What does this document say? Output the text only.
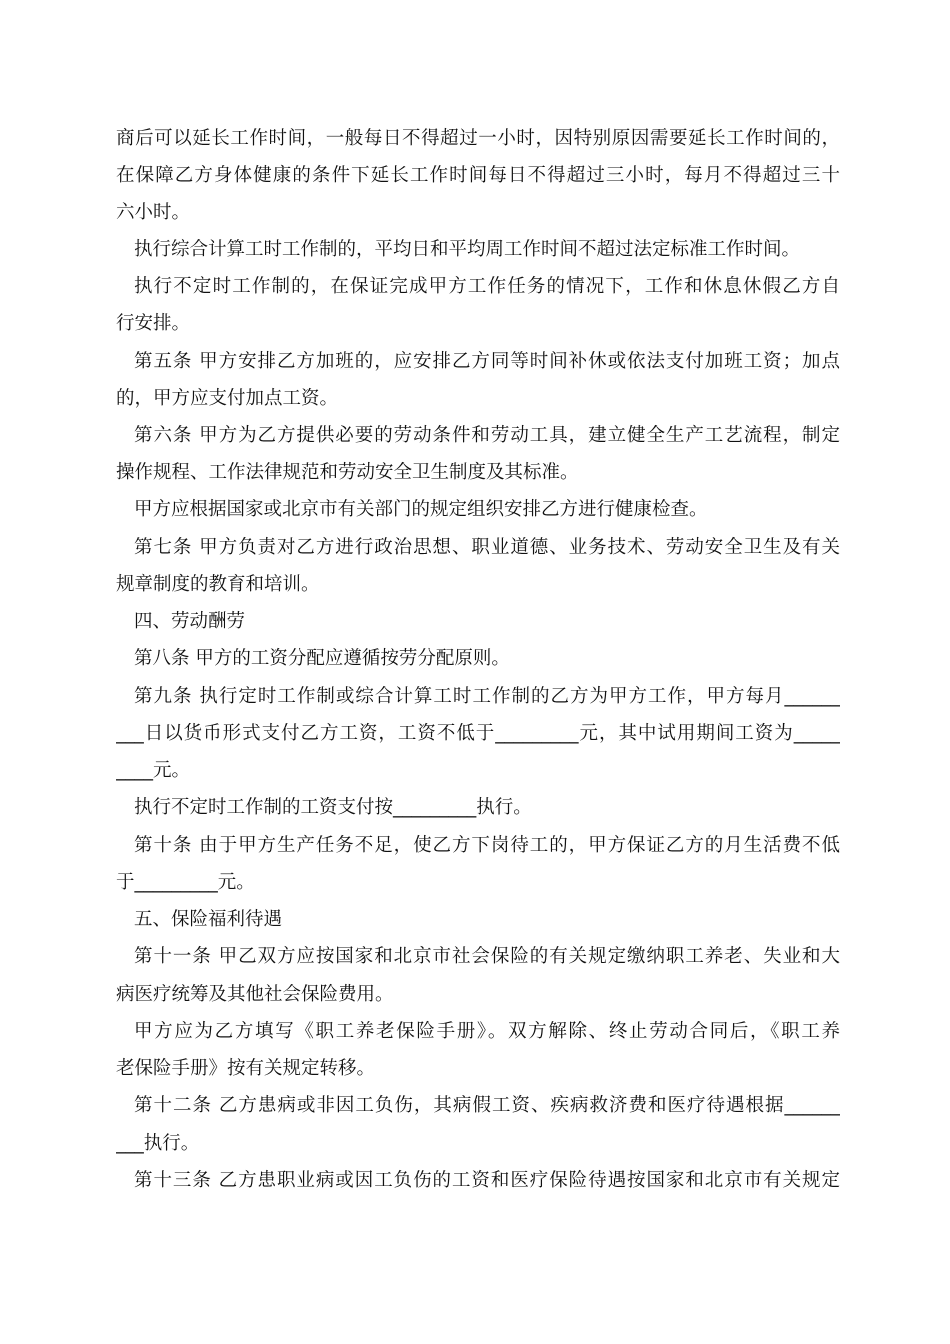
商后可以延长工作时间，一般每日不得超过一小时，因特别原因需要延长工作时间的，
在保障乙方身体健康的条件下延长工作时间每日不得超过三小时，每月不得超过三十
六小时。
执行综合计算工时工作制的，平均日和平均周工作时间不超过法定标准工作时间。
执行不定时工作制的，在保证完成甲方工作任务的情况下，工作和休息休假乙方自
行安排。
第五条 甲方安排乙方加班的，应安排乙方同等时间补休或依法支付加班工资；加点
的，甲方应支付加点工资。
第六条 甲方为乙方提供必要的劳动条件和劳动工具，建立健全生产工艺流程，制定
操作规程、工作法律规范和劳动安全卫生制度及其标准。
甲方应根据国家或北京市有关部门的规定组织安排乙方进行健康检查。
第七条 甲方负责对乙方进行政治思想、职业道德、业务技术、劳动安全卫生及有关
规章制度的教育和培训。
四、劳动酬劳
第八条 甲方的工资分配应遵循按劳分配原则。
第九条 执行定时工作制或综合计算工时工作制的乙方为甲方工作，甲方每月______
___日以货币形式支付乙方工资，工资不低于_________元，其中试用期间工资为_____
____元。
执行不定时工作制的工资支付按_________执行。
第十条 由于甲方生产任务不足，使乙方下岗待工的，甲方保证乙方的月生活费不低
于_________元。
五、保险福利待遇
第十一条 甲乙双方应按国家和北京市社会保险的有关规定缴纳职工养老、失业和大
病医疗统筹及其他社会保险费用。
甲方应为乙方填写《职工养老保险手册》。双方解除、终止劳动合同后，《职工养
老保险手册》按有关规定转移。
第十二条 乙方患病或非因工负伤，其病假工资、疾病救济费和医疗待遇根据______
___执行。
第十三条 乙方患职业病或因工负伤的工资和医疗保险待遇按国家和北京市有关规定
